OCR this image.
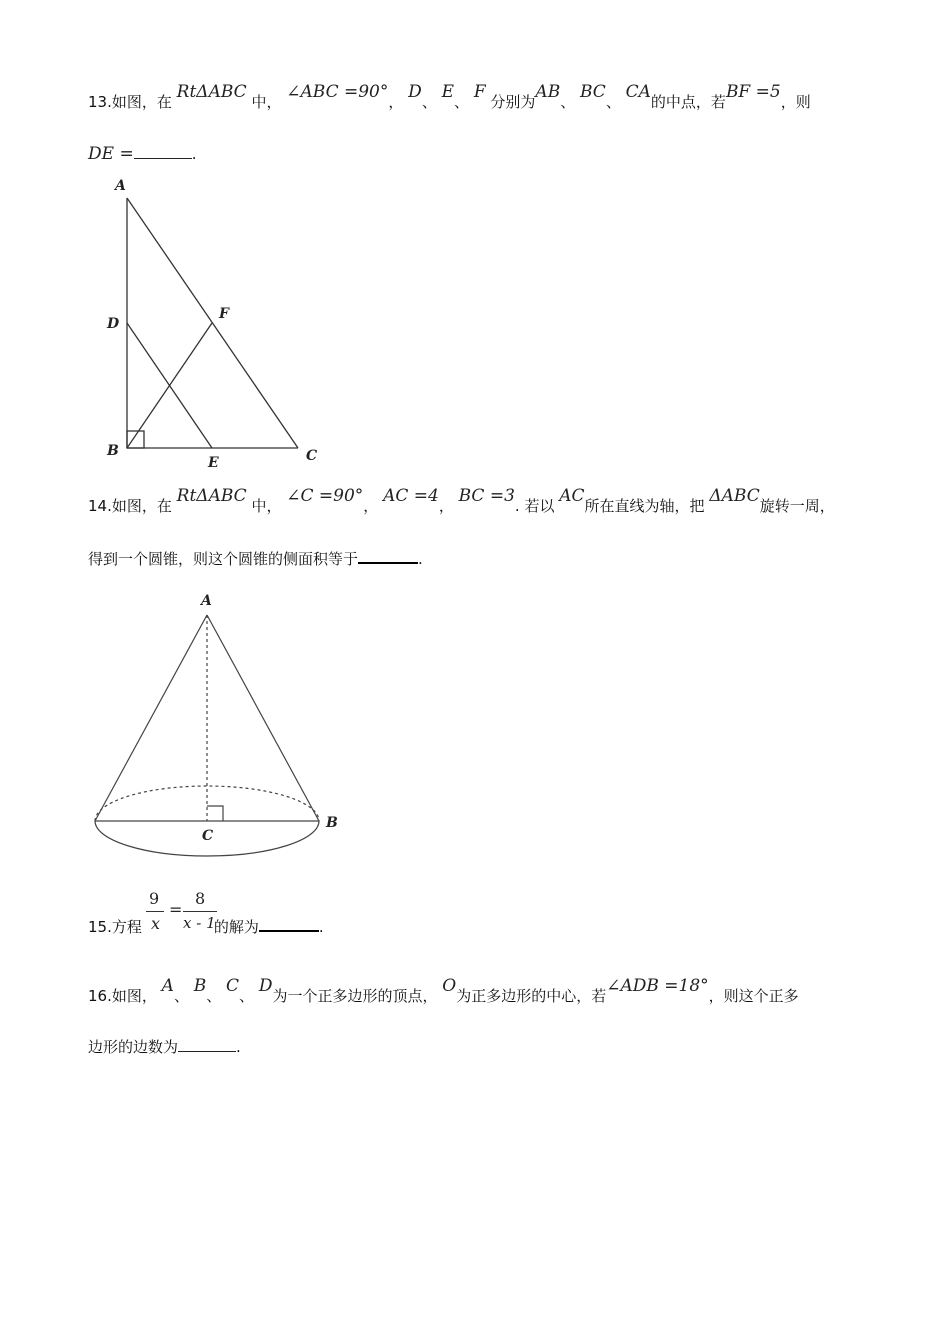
13.如图，在 RtΔABC 中， ∠ABC =90°， D、 E、 F 分别为AB、 BC、 CA的中点，若BF =5，则
DE =	.
A
D
F
B
E	C
14.如图，在 RtΔABC 中， ∠C =90°， AC =4， BC =3. 若以 AC所在直线为轴，把 ΔABC旋转一周，
得到一个圆锥，则这个圆锥的侧面积等于	.
A
C
B
9
x
=
8
x - 1
15.方程	的解为	.
16.如图， A、 B、 C、 D为一个正多边形的顶点， O为正多边形的中心，若∠ADB =18°，则这个正多
边形的边数为	.
